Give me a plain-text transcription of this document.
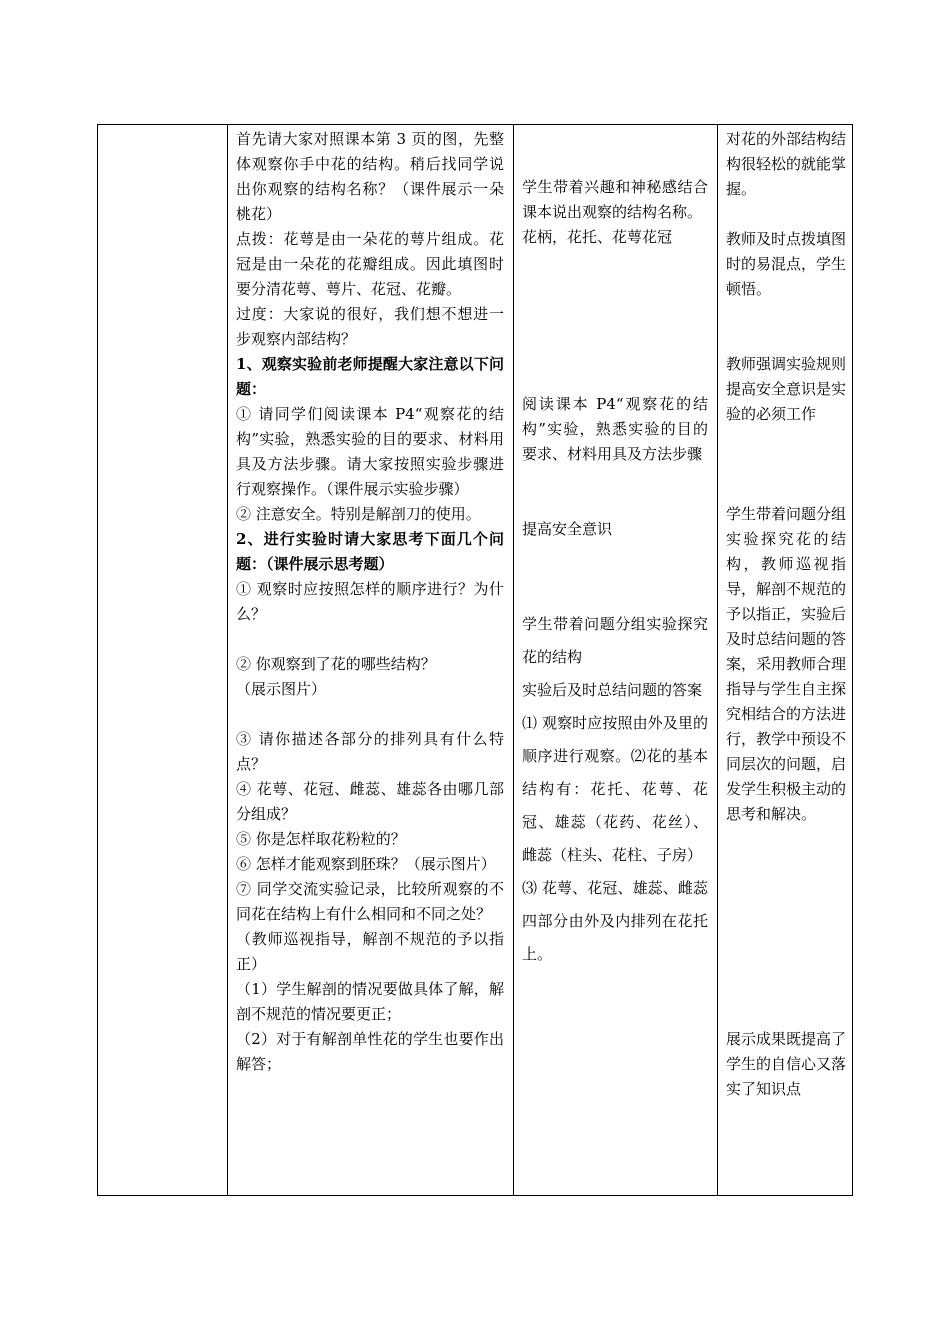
首先请大家对照课本第 3 页的图，先整体观察你手中花的结构。稍后找同学说出你观察的结构名称？（课件展示一朵桃花）

点拨：花萼是由一朵花的萼片组成。花冠是由一朵花的花瓣组成。因此填图时要分清花萼、萼片、花冠、花瓣。

过度：大家说的很好，我们想不想进一步观察内部结构？

1、观察实验前老师提醒大家注意以下问题：

① 请同学们阅读课本 P4“观察花的结构”实验，熟悉实验的目的要求、材料用具及方法步骤。请大家按照实验步骤进行观察操作。（课件展示实验步骤）

② 注意安全。特别是解剖刀的使用。

2、进行实验时请大家思考下面几个问题：（课件展示思考题）

① 观察时应按照怎样的顺序进行？为什么？

② 你观察到了花的哪些结构？

（展示图片）

③ 请你描述各部分的排列具有什么特点？

④ 花萼、花冠、雌蕊、雄蕊各由哪几部分组成？

⑤ 你是怎样取花粉粒的？

⑥ 怎样才能观察到胚珠？（展示图片）

⑦ 同学交流实验记录，比较所观察的不同花在结构上有什么相同和不同之处？

（教师巡视指导，解剖不规范的予以指正）

（1）学生解剖的情况要做具体了解，解剖不规范的情况要更正；

（2）对于有解剖单性花的学生也要作出解答；

学生带着兴趣和神秘感结合课本说出观察的结构名称。

花柄，花托、花萼花冠

阅读课本 P4“观察花的结构”实验，熟悉实验的目的要求、材料用具及方法步骤

提高安全意识

学生带着问题分组实验探究花的结构

实验后及时总结问题的答案

⑴ 观察时应按照由外及里的顺序进行观察。⑵花的基本结构有：花托、花萼、花冠、雄蕊（花药、花丝）、雌蕊（柱头、花柱、子房）

⑶ 花萼、花冠、雄蕊、雌蕊四部分由外及内排列在花托上。

对花的外部结构结构很轻松的就能掌握。

教师及时点拨填图时的易混点，学生顿悟。

教师强调实验规则提高安全意识是实验的必须工作

学生带着问题分组实验探究花的结构，教师巡视指导，解剖不规范的予以指正，实验后及时总结问题的答案，采用教师合理指导与学生自主探究相结合的方法进行，教学中预设不同层次的问题，启发学生积极主动的思考和解决。

展示成果既提高了学生的自信心又落实了知识点
